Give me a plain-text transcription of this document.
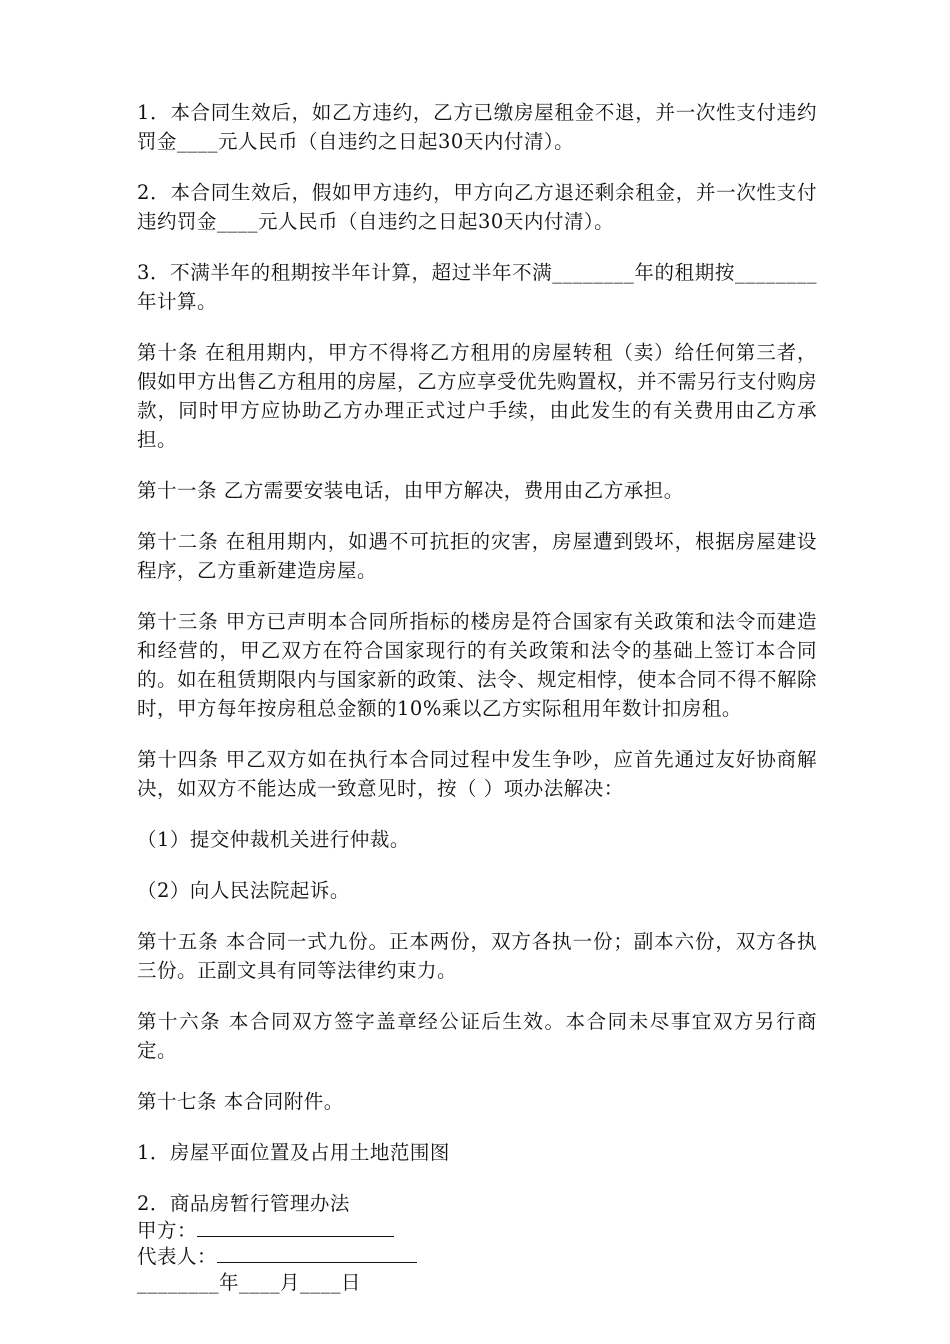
1．本合同生效后，如乙方违约，乙方已缴房屋租金不退，并一次性支付违约罚金____元人民币（自违约之日起30天内付清）。

2．本合同生效后，假如甲方违约，甲方向乙方退还剩余租金，并一次性支付违约罚金____元人民币（自违约之日起30天内付清）。

3．不满半年的租期按半年计算，超过半年不满________年的租期按________年计算。

第十条 在租用期内，甲方不得将乙方租用的房屋转租（卖）给任何第三者，假如甲方出售乙方租用的房屋，乙方应享受优先购置权，并不需另行支付购房款，同时甲方应协助乙方办理正式过户手续，由此发生的有关费用由乙方承担。

第十一条 乙方需要安装电话，由甲方解决，费用由乙方承担。

第十二条 在租用期内，如遇不可抗拒的灾害，房屋遭到毁坏，根据房屋建设程序，乙方重新建造房屋。

第十三条 甲方已声明本合同所指标的楼房是符合国家有关政策和法令而建造和经营的，甲乙双方在符合国家现行的有关政策和法令的基础上签订本合同的。如在租赁期限内与国家新的政策、法令、规定相悖，使本合同不得不解除时，甲方每年按房租总金额的10%乘以乙方实际租用年数计扣房租。

第十四条 甲乙双方如在执行本合同过程中发生争吵，应首先通过友好协商解决，如双方不能达成一致意见时，按（ ）项办法解决：

（1）提交仲裁机关进行仲裁。

（2）向人民法院起诉。

第十五条 本合同一式九份。正本两份，双方各执一份；副本六份，双方各执三份。正副文具有同等法律约束力。

第十六条 本合同双方签字盖章经公证后生效。本合同未尽事宜双方另行商定。

第十七条 本合同附件。

1．房屋平面位置及占用土地范围图

2．商品房暂行管理办法

甲方：
代表人：
________年____月____日
